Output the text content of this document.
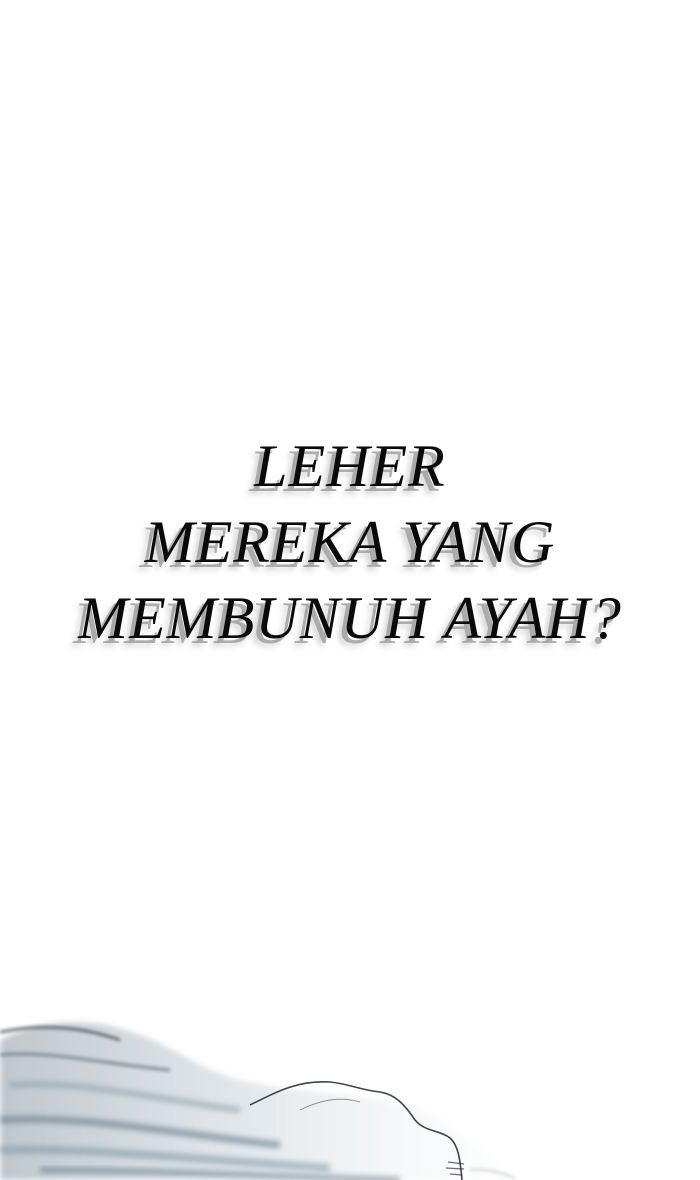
LEHER
MEREKA YANG
MEMBUNUH AYAH?
